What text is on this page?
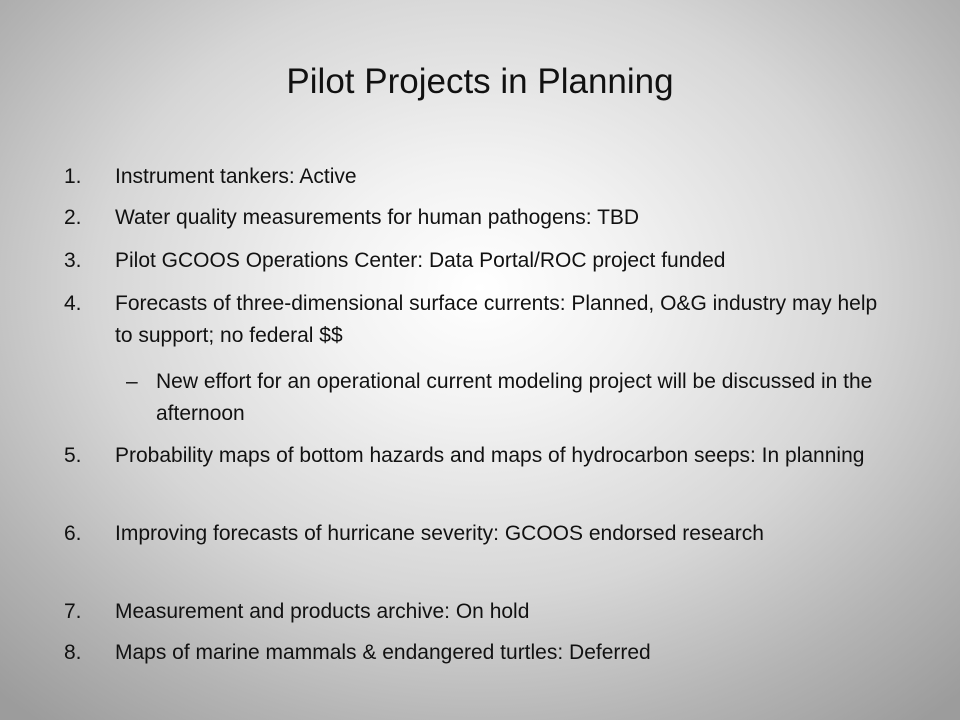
Pilot Projects in Planning
1.	Instrument tankers: Active
2.	Water quality measurements for human pathogens: TBD
3.	Pilot GCOOS Operations Center: Data Portal/ROC project funded
4.	Forecasts of three-dimensional surface currents: Planned, O&G industry may help to support; no federal $$
– New effort for an operational current modeling project will be discussed in the afternoon
5.	Probability maps of bottom hazards and maps of hydrocarbon seeps: In planning
6.	Improving forecasts of hurricane severity: GCOOS endorsed research
7.	Measurement and products archive: On hold
8.	Maps of marine mammals & endangered turtles: Deferred
